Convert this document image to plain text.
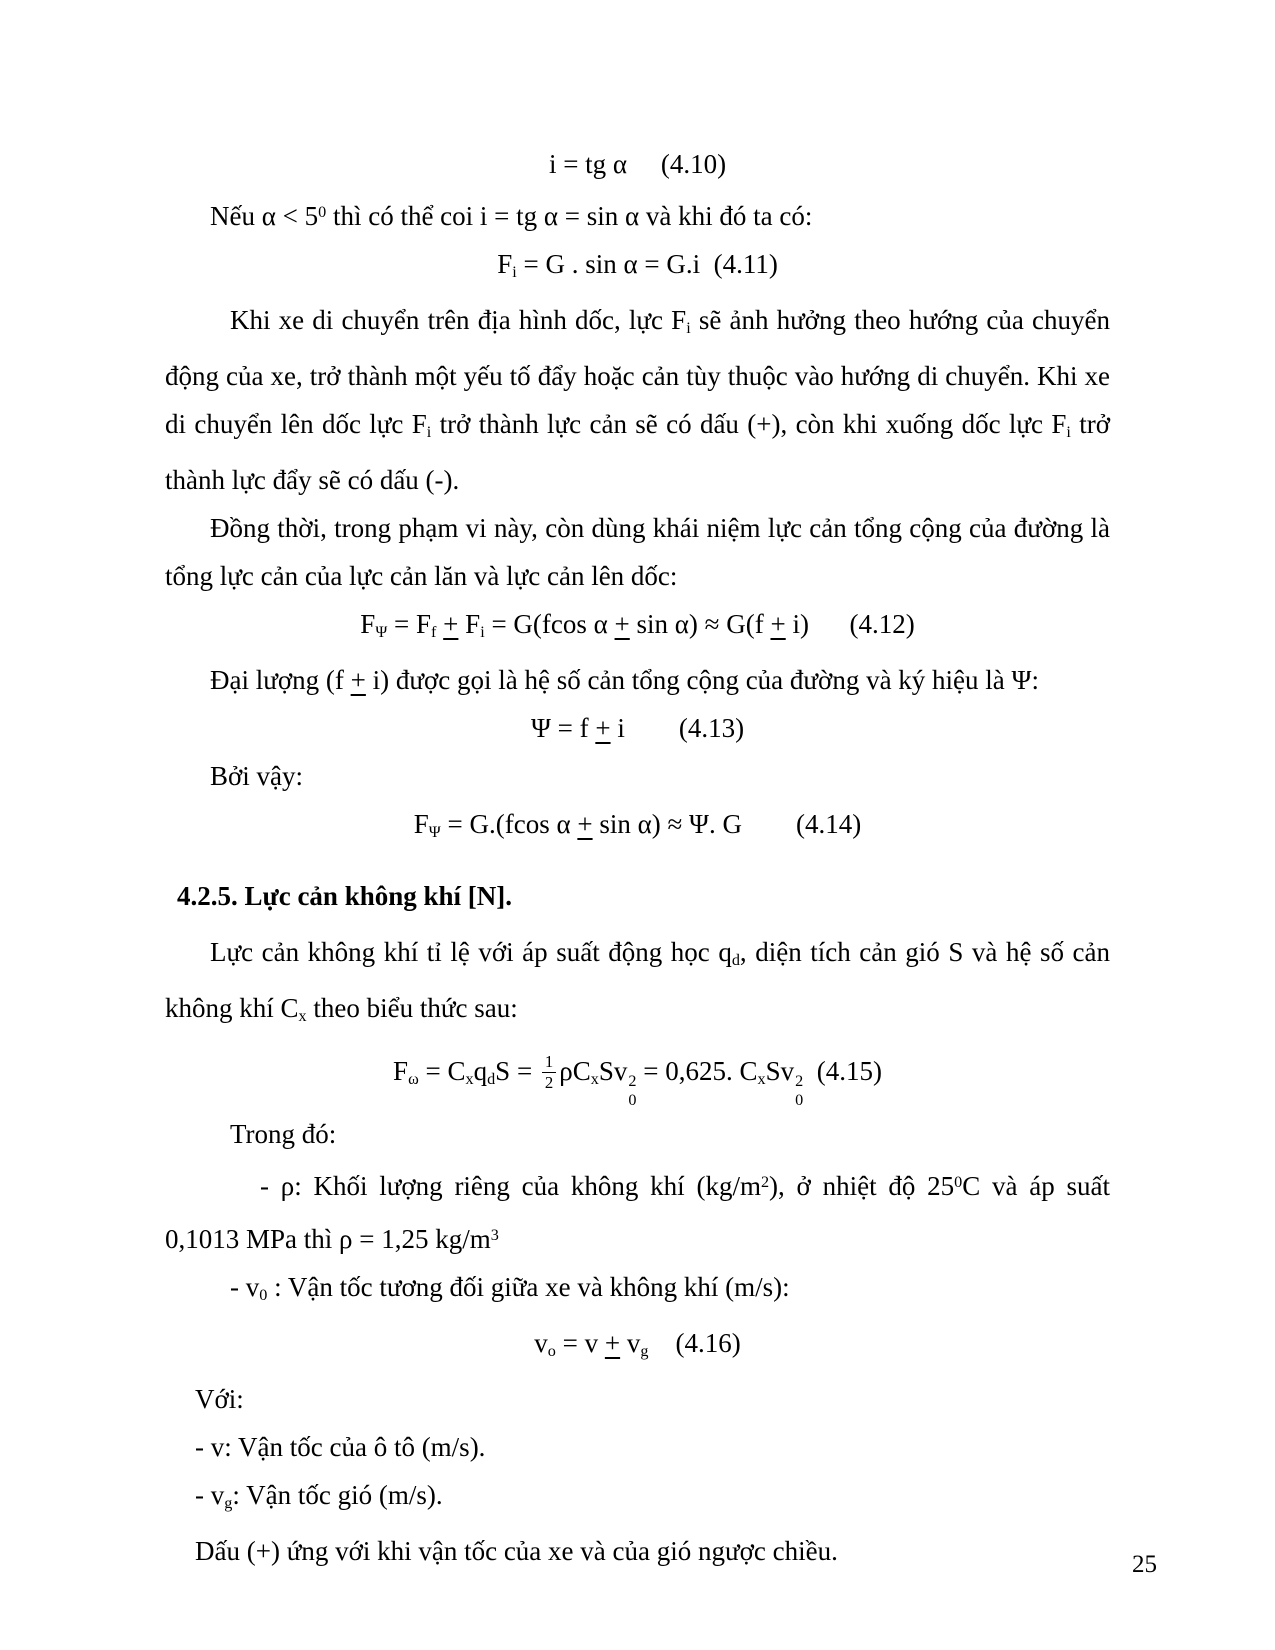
i = tg α (4.10)
Nếu $\alpha < 5^0$ thì có thể coi i = tg α = sin α và khi đó ta có:
$F_i = G$ . sin α = G.i (4.11)
Khi xe di chuyển trên địa hình dốc, lực $F_i$ sẽ ảnh hưởng theo hướng của chuyển động của xe, trở thành một yếu tố đẩy hoặc cản tùy thuộc vào hướng di chuyển. Khi xe di chuyển lên dốc lực $F_i$ trở thành lực cản sẽ có dấu (+), còn khi xuống dốc lực $F_i$ trở thành lực đẩy sẽ có dấu (-).
Đồng thời, trong phạm vi này, còn dùng khái niệm lực cản tổng cộng của đường là tổng lực cản của lực cản lăn và lực cản lên dốc:
$F_\Psi = F_f + F_i = G(fcos$ α + sin α) ≈ G(f + i) (4.12)
Đại lượng (f + i) được gọi là hệ số cản tổng cộng của đường và ký hiệu là Ψ:
Ψ = f + i (4.13)
Bởi vậy:
$F_\Psi = G.(fcos$ α + sin α) ≈ Ψ. G (4.14)
4.2.5. Lực cản không khí [N].
Lực cản không khí tỉ lệ với áp suất động học $q_d$, diện tích cản gió S và hệ số cản không khí $C_x$ theo biểu thức sau:
$F_\omega = C_xq_dS = \frac{1}{2} \rho C_xSv$ 2
0
= 0,625. $C_xSv$ 2
0
(4.15)
Trong đó:
- ρ: Khối lượng riêng của không khí $(kg/m^2)$, ở nhiệt độ $25^0C$ và áp suất 0,1013 MPa thì ρ = 1,25 $kg/m^3$
- $v_0$ : Vận tốc tương đối giữa xe và không khí (m/s):
$v_o = v + v_g$ (4.16)
Với:
- v: Vận tốc của ô tô (m/s).
- $v_g$: Vận tốc gió (m/s).
Dấu (+) ứng với khi vận tốc của xe và của gió ngược chiều.	25
